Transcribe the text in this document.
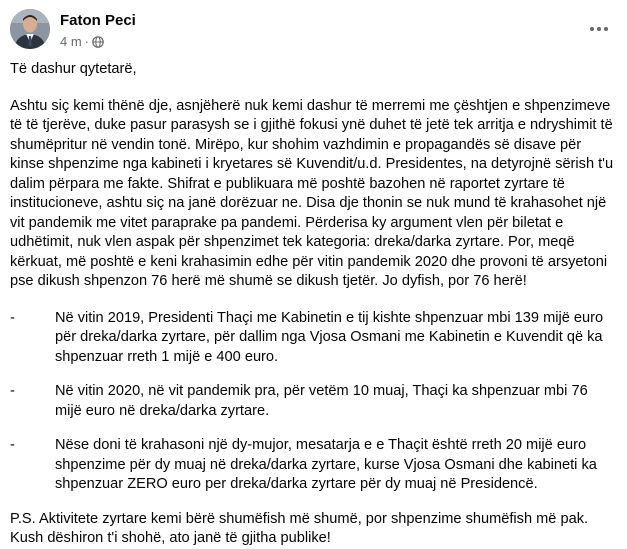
Faton Peci
4 m ·

Të dashur qytetarë,

Ashtu siç kemi thënë dje, asnjëherë nuk kemi dashur të merremi me çështjen e shpenzimeve të të tjerëve, duke pasur parasysh se i gjithë fokusi ynë duhet të jetë tek arritja e ndryshimit të shumëpritur në vendin tonë. Mirëpo, kur shohim vazhdimin e propagandës së disave për kinse shpenzime nga kabineti i kryetares së Kuvendit/u.d. Presidentes, na detyrojnë sërish t'u dalim përpara me fakte. Shifrat e publikuara më poshtë bazohen në raportet zyrtare të institucioneve, ashtu siç na janë dorëzuar ne. Disa dje thonin se nuk mund të krahasohet një vit pandemik me vitet paraprake pa pandemi. Përderisa ky argument vlen për biletat e udhëtimit, nuk vlen aspak për shpenzimet tek kategoria: dreka/darka zyrtare. Por, meqë kërkuat, më poshtë e keni krahasimin edhe për vitin pandemik 2020 dhe provoni të arsyetoni pse dikush shpenzon 76 herë më shumë se dikush tjetër. Jo dyfish, por 76 herë!

-	Në vitin 2019, Presidenti Thaçi me Kabinetin e tij kishte shpenzuar mbi 139 mijë euro për dreka/darka zyrtare, për dallim nga Vjosa Osmani me Kabinetin e Kuvendit që ka shpenzuar rreth 1 mijë e 400 euro.
-	Në vitin 2020, në vit pandemik pra, për vetëm 10 muaj, Thaçi ka shpenzuar mbi 76 mijë euro në dreka/darka zyrtare.
-	Nëse doni të krahasoni një dy-mujor, mesatarja e e Thaçit është rreth 20 mijë euro shpenzime për dy muaj në dreka/darka zyrtare, kurse Vjosa Osmani dhe kabineti ka shpenzuar ZERO euro per dreka/darka zyrtare për dy muaj në Presidencë.

P.S. Aktivitete zyrtare kemi bërë shumëfish më shumë, por shpenzime shumëfish më pak. Kush dëshiron t'i shohë, ato janë të gjitha publike!
